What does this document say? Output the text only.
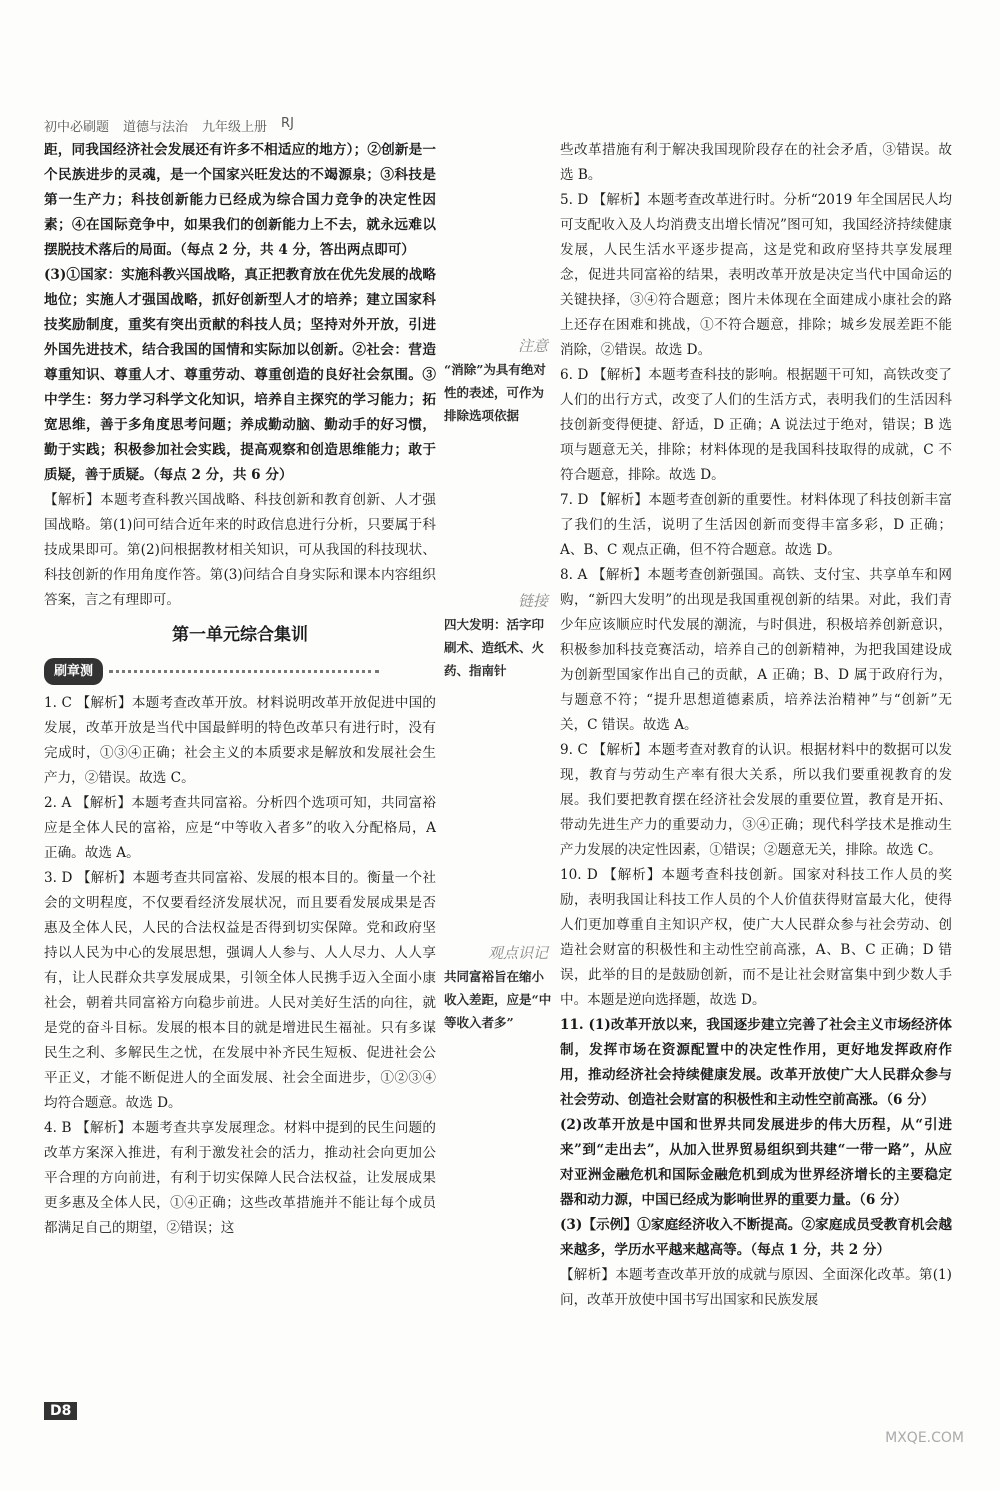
初中必刷题 道德与法治 九年级上册 RJ

距，同我国经济社会发展还有许多不相适应的地方）；②创新是一个民族进步的灵魂，是一个国家兴旺发达的不竭源泉；③科技是第一生产力；科技创新能力已经成为综合国力竞争的决定性因素；④在国际竞争中，如果我们的创新能力上不去，就永远难以摆脱技术落后的局面。（每点 2 分，共 4 分，答出两点即可）

(3)①国家：实施科教兴国战略，真正把教育放在优先发展的战略地位；实施人才强国战略，抓好创新型人才的培养；建立国家科技奖励制度，重奖有突出贡献的科技人员；坚持对外开放，引进外国先进技术，结合我国的国情和实际加以创新。②社会：营造尊重知识、尊重人才、尊重劳动、尊重创造的良好社会氛围。③中学生：努力学习科学文化知识，培养自主探究的学习能力；拓宽思维，善于多角度思考问题；养成勤动脑、勤动手的好习惯，勤于实践；积极参加社会实践，提高观察和创造思维能力；敢于质疑，善于质疑。（每点 2 分，共 6 分）

【解析】本题考查科教兴国战略、科技创新和教育创新、人才强国战略。第(1)问可结合近年来的时政信息进行分析，只要属于科技成果即可。第(2)问根据教材相关知识，可从我国的科技现状、科技创新的作用角度作答。第(3)问结合自身实际和课本内容组织答案，言之有理即可。

第一单元综合集训
刷章测

1. C 【解析】本题考查改革开放。材料说明改革开放促进中国的发展，改革开放是当代中国最鲜明的特色改革只有进行时，没有完成时，①③④正确；社会主义的本质要求是解放和发展社会生产力，②错误。故选 C。

2. A 【解析】本题考查共同富裕。分析四个选项可知，共同富裕应是全体人民的富裕，应是“中等收入者多”的收入分配格局，A 正确。故选 A。

3. D 【解析】本题考查共同富裕、发展的根本目的。衡量一个社会的文明程度，不仅要看经济发展状况，而且要看发展成果是否惠及全体人民，人民的合法权益是否得到切实保障。党和政府坚持以人民为中心的发展思想，强调人人参与、人人尽力、人人享有，让人民群众共享发展成果，引领全体人民携手迈入全面小康社会，朝着共同富裕方向稳步前进。人民对美好生活的向往，就是党的奋斗目标。发展的根本目的就是增进民生福祉。只有多谋民生之利、多解民生之忧，在发展中补齐民生短板、促进社会公平正义，才能不断促进人的全面发展、社会全面进步，①②③④均符合题意。故选 D。

4. B 【解析】本题考查共享发展理念。材料中提到的民生问题的改革方案深入推进，有利于激发社会的活力，推动社会向更加公平合理的方向前进，有利于切实保障人民合法权益，让发展成果更多惠及全体人民，①④正确；这些改革措施并不能让每个成员都满足自己的期望，②错误；这

注意
“消除”为具有绝对性的表述，可作为排除选项依据
链接
四大发明：活字印刷术、造纸术、火药、指南针
观点识记
共同富裕旨在缩小收入差距，应是“中等收入者多”

些改革措施有利于解决我国现阶段存在的社会矛盾，③错误。故选 B。

5. D 【解析】本题考查改革进行时。分析“2019 年全国居民人均可支配收入及人均消费支出增长情况”图可知，我国经济持续健康发展，人民生活水平逐步提高，这是党和政府坚持共享发展理念，促进共同富裕的结果，表明改革开放是决定当代中国命运的关键抉择，③④符合题意；图片未体现在全面建成小康社会的路上还存在困难和挑战，①不符合题意，排除；城乡发展差距不能消除，②错误。故选 D。

6. D 【解析】本题考查科技的影响。根据题干可知，高铁改变了人们的出行方式，改变了人们的生活方式，表明我们的生活因科技创新变得便捷、舒适，D 正确；A 说法过于绝对，错误；B 选项与题意无关，排除；材料体现的是我国科技取得的成就，C 不符合题意，排除。故选 D。

7. D 【解析】本题考查创新的重要性。材料体现了科技创新丰富了我们的生活，说明了生活因创新而变得丰富多彩，D 正确；A、B、C 观点正确，但不符合题意。故选 D。

8. A 【解析】本题考查创新强国。高铁、支付宝、共享单车和网购，“新四大发明”的出现是我国重视创新的结果。对此，我们青少年应该顺应时代发展的潮流，与时俱进，积极培养创新意识，积极参加科技竞赛活动，培养自己的创新精神，为把我国建设成为创新型国家作出自己的贡献，A 正确；B、D 属于政府行为，与题意不符；“提升思想道德素质，培养法治精神”与“创新”无关，C 错误。故选 A。

9. C 【解析】本题考查对教育的认识。根据材料中的数据可以发现，教育与劳动生产率有很大关系，所以我们要重视教育的发展。我们要把教育摆在经济社会发展的重要位置，教育是开拓、带动先进生产力的重要动力，③④正确；现代科学技术是推动生产力发展的决定性因素，①错误；②题意无关，排除。故选 C。

10. D 【解析】本题考查科技创新。国家对科技工作人员的奖励，表明我国让科技工作人员的个人价值获得财富最大化，使得人们更加尊重自主知识产权，使广大人民群众参与社会劳动、创造社会财富的积极性和主动性空前高涨，A、B、C 正确；D 错误，此举的目的是鼓励创新，而不是让社会财富集中到少数人手中。本题是逆向选择题，故选 D。

11. (1)改革开放以来，我国逐步建立完善了社会主义市场经济体制，发挥市场在资源配置中的决定性作用，更好地发挥政府作用，推动经济社会持续健康发展。改革开放使广大人民群众参与社会劳动、创造社会财富的积极性和主动性空前高涨。（6 分）

(2)改革开放是中国和世界共同发展进步的伟大历程，从“引进来”到“走出去”，从加入世界贸易组织到共建“一带一路”，从应对亚洲金融危机和国际金融危机到成为世界经济增长的主要稳定器和动力源，中国已经成为影响世界的重要力量。（6 分）

(3)【示例】①家庭经济收入不断提高。②家庭成员受教育机会越来越多，学历水平越来越高等。（每点 1 分，共 2 分）

【解析】本题考查改革开放的成就与原因、全面深化改革。第(1)问，改革开放使中国书写出国家和民族发展

D8
MXQE.COM
